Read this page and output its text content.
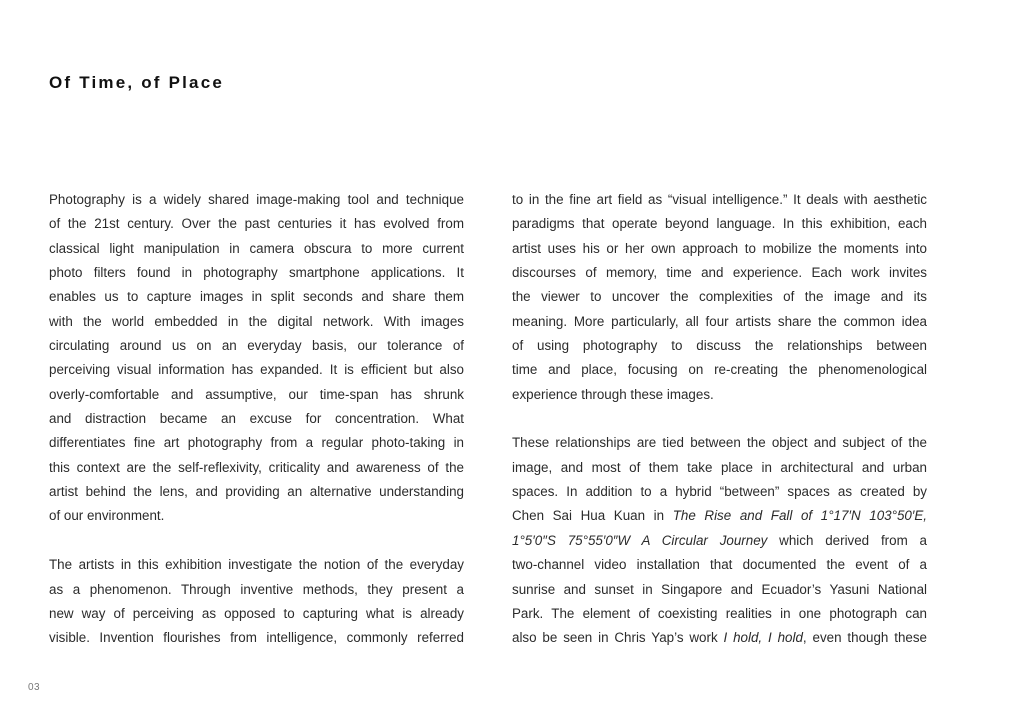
Of Time, of Place

Photography is a widely shared image-making tool and technique
of the 21st century. Over the past centuries it has evolved from
classical light manipulation in camera obscura to more current
photo filters found in photography smartphone applications. It
enables us to capture images in split seconds and share them
with the world embedded in the digital network. With images
circulating around us on an everyday basis, our tolerance of
perceiving visual information has expanded. It is efficient but also
overly-comfortable and assumptive, our time-span has shrunk
and distraction became an excuse for concentration. What
differentiates fine art photography from a regular photo-taking in
this context are the self-reflexivity, criticality and awareness of the
artist behind the lens, and providing an alternative understanding
of our environment.

The artists in this exhibition investigate the notion of the everyday
as a phenomenon. Through inventive methods, they present a
new way of perceiving as opposed to capturing what is already
visible. Invention flourishes from intelligence, commonly referred

to in the fine art field as “visual intelligence.” It deals with aesthetic
paradigms that operate beyond language. In this exhibition, each
artist uses his or her own approach to mobilize the moments into
discourses of memory, time and experience. Each work invites
the viewer to uncover the complexities of the image and its
meaning. More particularly, all four artists share the common idea
of using photography to discuss the relationships between
time and place, focusing on re-creating the phenomenological
experience through these images.

These relationships are tied between the object and subject of the
image, and most of them take place in architectural and urban
spaces. In addition to a hybrid “between” spaces as created by
Chen Sai Hua Kuan in The Rise and Fall of 1°17′N 103°50′E,
1°5′0″S 75°55′0″W A Circular Journey which derived from a
two-channel video installation that documented the event of a
sunrise and sunset in Singapore and Ecuador’s Yasuni National
Park. The element of coexisting realities in one photograph can
also be seen in Chris Yap’s work I hold, I hold, even though these

03
